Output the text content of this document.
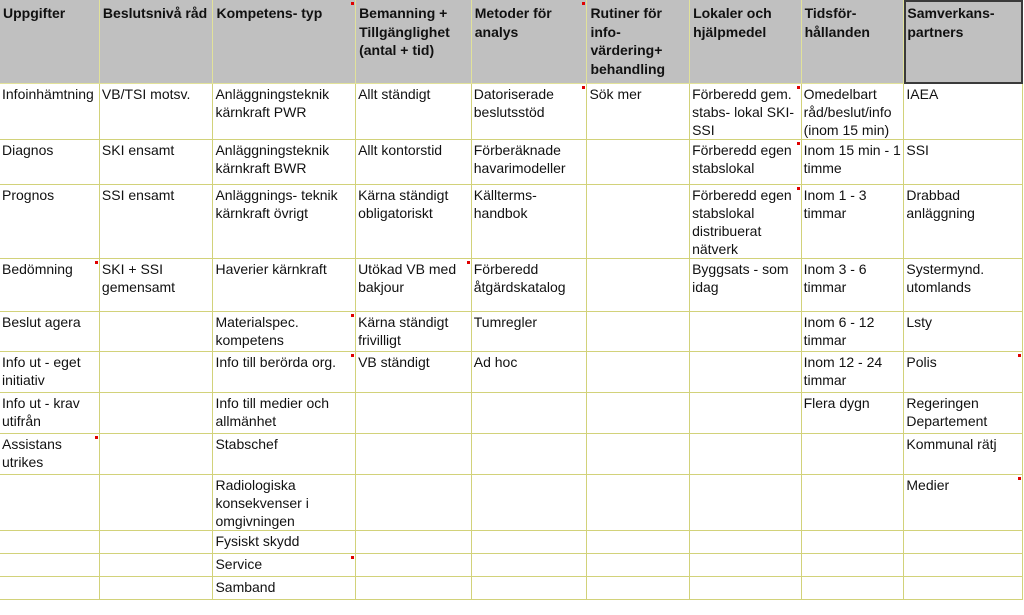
Uppgifter	Beslutsnivå råd	Kompetens- typ	Bemanning + Tillgänglighet (antal + tid)	Metoder för analys	Rutiner för info- värdering+ behandling	Lokaler och hjälpmedel	Tidsför- hållanden	Samverkans- partners

Infoinhämtning	VB/TSI motsv.	Anläggningsteknik kärnkraft PWR	Allt ständigt	Datoriserade beslutsstöd	Sök mer	Förberedd gem. stabs- lokal SKI-SSI	Omedelbart råd/beslut/info (inom 15 min)	IAEA

Diagnos	SKI ensamt	Anläggningsteknik kärnkraft BWR	Allt kontorstid	Förberäknade havarimodeller		Förberedd egen stabslokal	Inom 15 min - 1 timme	SSI

Prognos	SSI ensamt	Anläggnings- teknik kärnkraft övrigt	Kärna ständigt obligatoriskt	Källterms- handbok		Förberedd egen stabslokal distribuerat nätverk	Inom 1 - 3 timmar	Drabbad anläggning

Bedömning	SKI + SSI gemensamt	Haverier kärnkraft	Utökad VB med bakjour	Förberedd åtgärdskatalog		Byggsats - som idag	Inom 3 - 6 timmar	Systermynd. utomlands

Beslut agera		Materialspec. kompetens	Kärna ständigt frivilligt	Tumregler			Inom 6 - 12 timmar	Lsty

Info ut - eget initiativ		Info till berörda org.	VB ständigt	Ad hoc			Inom 12 - 24 timmar	Polis

Info ut - krav utifrån		Info till medier och allmänhet					Flera dygn	Regeringen Departement

Assistans utrikes		Stabschef						Kommunal rätj

		Radiologiska konsekvenser i omgivningen						Medier

		Fysiskt skydd						

		Service						

		Samband						
